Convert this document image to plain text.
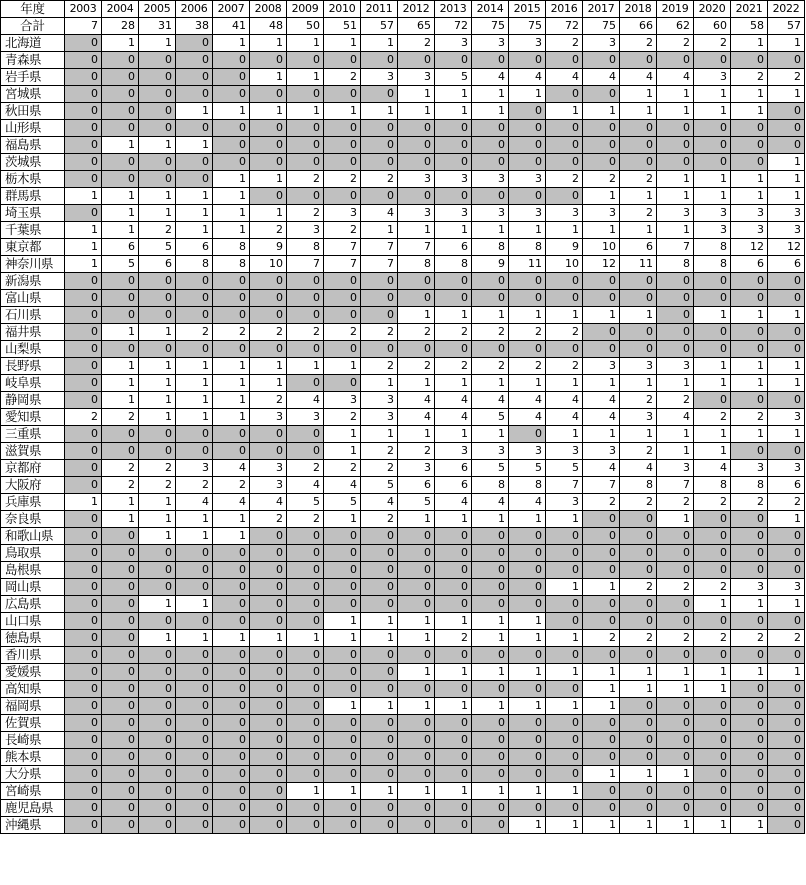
年度	2003	2004	2005	2006	2007	2008	2009	2010	2011	2012	2013	2014	2015	2016	2017	2018	2019	2020	2021	2022
合計	7	28	31	38	41	48	50	51	57	65	72	75	75	72	75	66	62	60	58	57
北海道	0	1	1	0	1	1	1	1	1	2	3	3	3	2	3	2	2	2	1	1
青森県	0	0	0	0	0	0	0	0	0	0	0	0	0	0	0	0	0	0	0	0
岩手県	0	0	0	0	0	1	1	2	3	3	5	4	4	4	4	4	4	3	2	2
宮城県	0	0	0	0	0	0	0	0	0	1	1	1	1	0	0	1	1	1	1	1
秋田県	0	0	0	1	1	1	1	1	1	1	1	1	0	1	1	1	1	1	1	0
山形県	0	0	0	0	0	0	0	0	0	0	0	0	0	0	0	0	0	0	0	0
福島県	0	1	1	1	0	0	0	0	0	0	0	0	0	0	0	0	0	0	0	0
茨城県	0	0	0	0	0	0	0	0	0	0	0	0	0	0	0	0	0	0	0	1
栃木県	0	0	0	0	1	1	2	2	2	3	3	3	3	2	2	2	1	1	1	1
群馬県	1	1	1	1	1	0	0	0	0	0	0	0	0	0	1	1	1	1	1	1
埼玉県	0	1	1	1	1	1	2	3	4	3	3	3	3	3	3	2	3	3	3	3
千葉県	1	1	2	1	1	2	3	2	1	1	1	1	1	1	1	1	1	3	3	3
東京都	1	6	5	6	8	9	8	7	7	7	6	8	8	9	10	6	7	8	12	12
神奈川県	1	5	6	8	8	10	7	7	7	8	8	9	11	10	12	11	8	8	6	6
新潟県	0	0	0	0	0	0	0	0	0	0	0	0	0	0	0	0	0	0	0	0
富山県	0	0	0	0	0	0	0	0	0	0	0	0	0	0	0	0	0	0	0	0
石川県	0	0	0	0	0	0	0	0	0	1	1	1	1	1	1	1	0	1	1	1
福井県	0	1	1	2	2	2	2	2	2	2	2	2	2	2	0	0	0	0	0	0
山梨県	0	0	0	0	0	0	0	0	0	0	0	0	0	0	0	0	0	0	0	0
長野県	0	1	1	1	1	1	1	1	2	2	2	2	2	2	3	3	3	1	1	1
岐阜県	0	1	1	1	1	1	0	0	1	1	1	1	1	1	1	1	1	1	1	1
静岡県	0	1	1	1	1	2	4	3	3	4	4	4	4	4	4	2	2	0	0	0
愛知県	2	2	1	1	1	3	3	2	3	4	4	5	4	4	4	3	4	2	2	3
三重県	0	0	0	0	0	0	0	1	1	1	1	1	0	1	1	1	1	1	1	1
滋賀県	0	0	0	0	0	0	0	1	2	2	3	3	3	3	3	2	1	1	0	0
京都府	0	2	2	3	4	3	2	2	2	3	6	5	5	5	4	4	3	4	3	3
大阪府	0	2	2	2	2	3	4	4	5	6	6	8	8	7	7	8	7	8	8	6
兵庫県	1	1	1	4	4	4	5	5	4	5	4	4	4	3	2	2	2	2	2	2
奈良県	0	1	1	1	1	2	2	1	2	1	1	1	1	1	0	0	1	0	0	1
和歌山県	0	0	1	1	1	0	0	0	0	0	0	0	0	0	0	0	0	0	0	0
鳥取県	0	0	0	0	0	0	0	0	0	0	0	0	0	0	0	0	0	0	0	0
島根県	0	0	0	0	0	0	0	0	0	0	0	0	0	0	0	0	0	0	0	0
岡山県	0	0	0	0	0	0	0	0	0	0	0	0	0	1	1	2	2	2	3	3
広島県	0	0	1	1	0	0	0	0	0	0	0	0	0	0	0	0	0	1	1	1
山口県	0	0	0	0	0	0	0	1	1	1	1	1	1	0	0	0	0	0	0	0
徳島県	0	0	1	1	1	1	1	1	1	1	2	1	1	1	2	2	2	2	2	2
香川県	0	0	0	0	0	0	0	0	0	0	0	0	0	0	0	0	0	0	0	0
愛媛県	0	0	0	0	0	0	0	0	0	1	1	1	1	1	1	1	1	1	1	1
高知県	0	0	0	0	0	0	0	0	0	0	0	0	0	0	1	1	1	1	0	0
福岡県	0	0	0	0	0	0	0	1	1	1	1	1	1	1	1	0	0	0	0	0
佐賀県	0	0	0	0	0	0	0	0	0	0	0	0	0	0	0	0	0	0	0	0
長崎県	0	0	0	0	0	0	0	0	0	0	0	0	0	0	0	0	0	0	0	0
熊本県	0	0	0	0	0	0	0	0	0	0	0	0	0	0	0	0	0	0	0	0
大分県	0	0	0	0	0	0	0	0	0	0	0	0	0	0	1	1	1	0	0	0
宮崎県	0	0	0	0	0	0	1	1	1	1	1	1	1	1	0	0	0	0	0	0
鹿児島県	0	0	0	0	0	0	0	0	0	0	0	0	0	0	0	0	0	0	0	0
沖縄県	0	0	0	0	0	0	0	0	0	0	0	0	1	1	1	1	1	1	1	0
